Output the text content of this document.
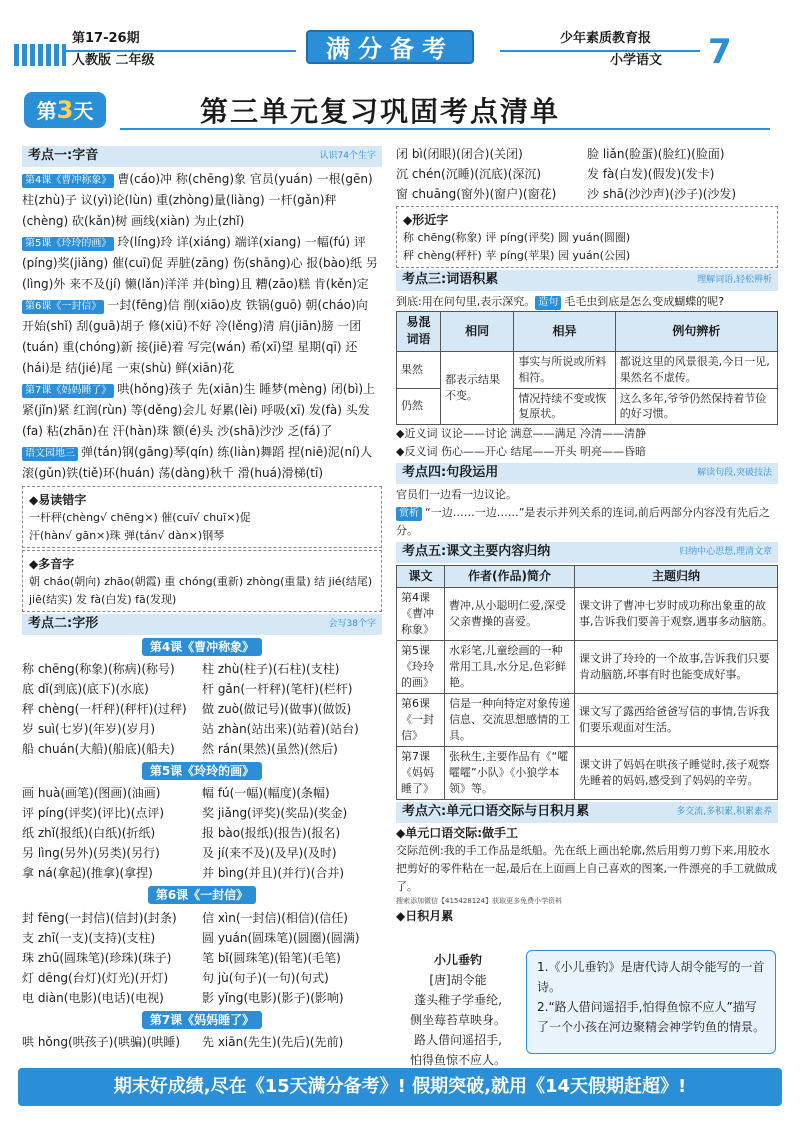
第17-26期
人教版 二年级	满分备考	少年素质教育报
小学语文 7
第3天	第三单元复习巩固考点清单
考点一:字音	认识74个生字
第4课《曹冲称象》 曹(cáo)冲 称(chēng)象 官员(yuán) 一根(gēn) 柱(zhù)子 议(yì)论(lùn) 重(zhòng)量(liàng) 一杆(gǎn)秤(chèng) 砍(kǎn)树 画线(xiàn) 为止(zhǐ)
第5课《玲玲的画》 玲(líng)玲 详(xiáng) 端详(xiang) 一幅(fú) 评(píng)奖(jiǎng) 催(cuī)促 弄脏(zāng) 伤(shāng)心 报(bào)纸 另(lìng)外 来不及(jí) 懒(lǎn)洋洋 并(bìng)且 糟(zāo)糕 肯(kěn)定
第6课《一封信》 一封(fēng)信 削(xiāo)皮 铁锅(guō) 朝(cháo)向 开始(shǐ) 刮(guā)胡子 修(xiū)不好 冷(lěng)清 肩(jiān)膀 一团(tuán) 重(chóng)新 接(jiē)着 写完(wán) 希(xī)望 星期(qī) 还(hái)是 结(jié)尾 一束(shù) 鲜(xiān)花
第7课《妈妈睡了》 哄(hǒng)孩子 先(xiān)生 睡梦(mèng) 闭(bì)上 紧(jǐn)紧 红润(rùn) 等(děng)会儿 好累(lèi) 呼吸(xī) 发(fà) 头发(fa) 粘(zhān)在 汗(hàn)珠 额(é)头 沙(shā)沙沙 乏(fá)了
语文园地三 弹(tán)钢(gāng)琴(qín) 练(liàn)舞蹈 捏(niē)泥(ní)人 滚(gǔn)铁(tiě)环(huán) 荡(dàng)秋千 滑(huá)滑梯(tī)
◆易读错字
一杆秤(chèng√ chēng×) 催(cuī√ chuī×)促
汗(hàn√ gān×)珠 弹(tán√ dàn×)钢琴
◆多音字
朝 cháo(朝向) zhāo(朝霞) 重 chóng(重新) zhòng(重量) 结 jié(结尾) jiē(结实) 发 fà(白发) fā(发现)
考点二:字形	会写38个字
第4课《曹冲称象》
称 chēng(称象)(称病)(称号)	柱 zhù(柱子)(石柱)(支柱)
底 dǐ(到底)(底下)(水底)	杆 gǎn(一杆秤)(笔杆)(栏杆)
秤 chèng(一杆秤)(秤杆)(过秤)	做 zuò(做记号)(做事)(做饭)
岁 suì(七岁)(年岁)(岁月)	站 zhàn(站出来)(站着)(站台)
船 chuán(大船)(船底)(船夫)	然 rán(果然)(虽然)(然后)
第5课《玲玲的画》
画 huà(画笔)(图画)(油画)	幅 fú(一幅)(幅度)(条幅)
评 píng(评奖)(评比)(点评)	奖 jiǎng(评奖)(奖品)(奖金)
纸 zhǐ(报纸)(白纸)(折纸)	报 bào(报纸)(报告)(报名)
另 lìng(另外)(另类)(另行)	及 jí(来不及)(及早)(及时)
拿 ná(拿起)(推拿)(拿捏)	并 bìng(并且)(并行)(合并)
第6课《一封信》
封 fēng(一封信)(信封)(封条)	信 xìn(一封信)(相信)(信任)
支 zhī(一支)(支持)(支柱)	圆 yuán(圆珠笔)(圆圈)(圆满)
珠 zhū(圆珠笔)(珍珠)(珠子)	笔 bǐ(圆珠笔)(铅笔)(毛笔)
灯 dēng(台灯)(灯光)(开灯)	句 jù(句子)(一句)(句式)
电 diàn(电影)(电话)(电视)	影 yǐng(电影)(影子)(影响)
第7课《妈妈睡了》
哄 hǒng(哄孩子)(哄骗)(哄睡)	先 xiān(先生)(先后)(先前)
闭 bì(闭眼)(闭合)(关闭)	脸 liǎn(脸蛋)(脸红)(脸面)
沉 chén(沉睡)(沉底)(深沉)	发 fà(白发)(假发)(发卡)
窗 chuāng(窗外)(窗户)(窗花)	沙 shā(沙沙声)(沙子)(沙发)
◆形近字
称 chēng(称象) 评 píng(评奖) 圆 yuán(圆圈)
秤 chèng(秤杆) 苹 píng(苹果) 园 yuán(公园)
考点三:词语积累	理解词语,轻松辨析
到底:用在问句里,表示深究。 造句 毛毛虫到底是怎么变成蝴蝶的呢?
易混词语	相同	相异	例句辨析
果然	都表示结果不变。	事实与所说或所料相符。	都说这里的风景很美,今日一见,果然名不虚传。
仍然		情况持续不变或恢复原状。	这么多年,爷爷仍然保持着节俭的好习惯。
◆近义词 议论——讨论 满意——满足 冷清——清静
◆反义词 伤心——开心 结尾——开头 明亮——昏暗
考点四:句段运用	解读句段,突破技法
官员们一边看一边议论。
赏析 “一边……一边……”是表示并列关系的连词,前后两部分内容没有先后之分。
考点五:课文主要内容归纳	归纳中心思想,理清文章
课文	作者(作品)简介	主题归纳
第4课《曹冲称象》	曹冲,从小聪明仁爱,深受父亲曹操的喜爱。	课文讲了曹冲七岁时成功称出象重的故事,告诉我们要善于观察,遇事多动脑筋。
第5课《玲玲的画》	水彩笔,儿童绘画的一种常用工具,水分足,色彩鲜艳。	课文讲了玲玲的一个故事,告诉我们只要肯动脑筋,坏事有时也能变成好事。
第6课《一封信》	信是一种向特定对象传递信息、交流思想感情的工具。	课文写了露西给爸爸写信的事情,告诉我们要乐观面对生活。
第7课《妈妈睡了》	张秋生,主要作品有《“嚯嚯嚯”小队》《小狼学本领》等。	课文讲了妈妈在哄孩子睡觉时,孩子观察先睡着的妈妈,感受到了妈妈的辛劳。
考点六:单元口语交际与日积月累	多交流,多积累,积累素养
◆单元口语交际:做手工
交际范例:我的手工作品是纸船。先在纸上画出轮廓,然后用剪刀剪下来,用胶水把剪好的零件粘在一起,最后在上面画上自己喜欢的图案,一件漂亮的手工就做成了。
搜索添加微信【415428124】获取更多免费小学资料
◆日积月累
小儿垂钓
[唐]胡令能
蓬头稚子学垂纶,
侧坐莓苔草映身。
路人借问遥招手,
怕得鱼惊不应人。
1.《小儿垂钓》是唐代诗人胡令能写的一首诗。
2.“路人借问遥招手,怕得鱼惊不应人”描写了一个小孩在河边聚精会神学钓鱼的情景。
期末好成绩,尽在《15天满分备考》! 假期突破,就用《14天假期赶超》!
